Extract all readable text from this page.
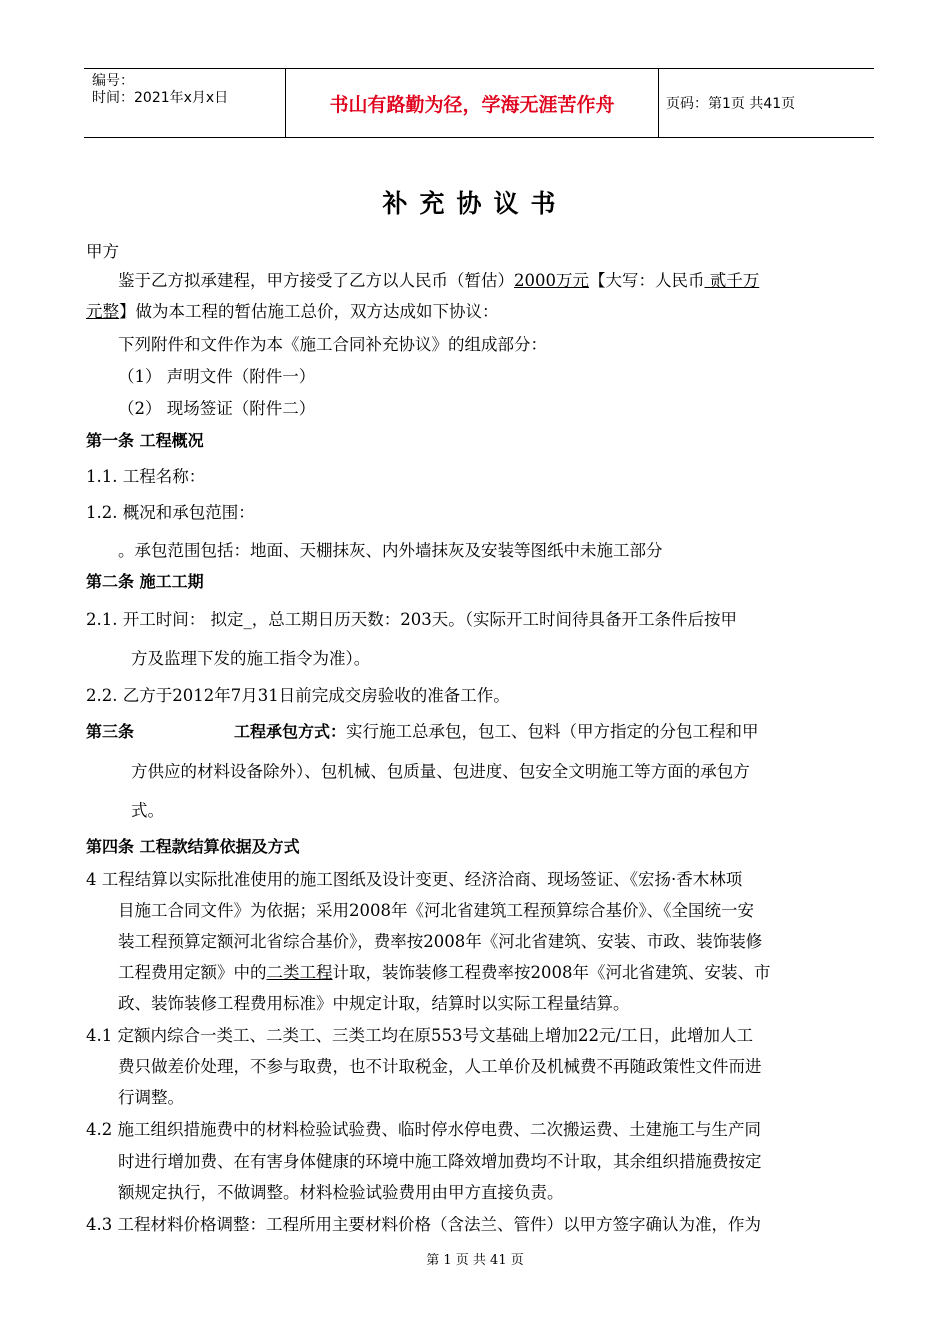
编号：
时间：2021年x月x日	书山有路勤为径，学海无涯苦作舟	页码：第1页 共41页
补充协议书
甲方
鉴于乙方拟承建程，甲方接受了乙方以人民币（暂估）2000万元【大写：人民币 贰千万
元整】做为本工程的暂估施工总价，双方达成如下协议：
下列附件和文件作为本《施工合同补充协议》的组成部分：
（1） 声明文件（附件一）
（2） 现场签证（附件二）
第一条 工程概况
1.1. 工程名称：
1.2. 概况和承包范围：
。承包范围包括：地面、天棚抹灰、内外墙抹灰及安装等图纸中未施工部分
第二条 施工工期
2.1. 开工时间： 拟定_，总工期日历天数：203天。（实际开工时间待具备开工条件后按甲
方及监理下发的施工指令为准）。
2.2. 乙方于2012年7月31日前完成交房验收的准备工作。
第三条	工程承包方式：实行施工总承包，包工、包料（甲方指定的分包工程和甲
方供应的材料设备除外）、包机械、包质量、包进度、包安全文明施工等方面的承包方
式。
第四条 工程款结算依据及方式
4 工程结算以实际批准使用的施工图纸及设计变更、经济洽商、现场签证、《宏扬·香木林项
目施工合同文件》为依据；采用2008年《河北省建筑工程预算综合基价》、《全国统一安
装工程预算定额河北省综合基价》，费率按2008年《河北省建筑、安装、市政、装饰装修
工程费用定额》中的二类工程计取，装饰装修工程费率按2008年《河北省建筑、安装、市
政、装饰装修工程费用标准》中规定计取，结算时以实际工程量结算。
4.1 定额内综合一类工、二类工、三类工均在原553号文基础上增加22元/工日，此增加人工
费只做差价处理，不参与取费，也不计取税金，人工单价及机械费不再随政策性文件而进
行调整。
4.2 施工组织措施费中的材料检验试验费、临时停水停电费、二次搬运费、土建施工与生产同
时进行增加费、在有害身体健康的环境中施工降效增加费均不计取，其余组织措施费按定
额规定执行，不做调整。材料检验试验费用由甲方直接负责。
4.3 工程材料价格调整：工程所用主要材料价格（含法兰、管件）以甲方签字确认为准，作为
第 1 页 共 41 页
